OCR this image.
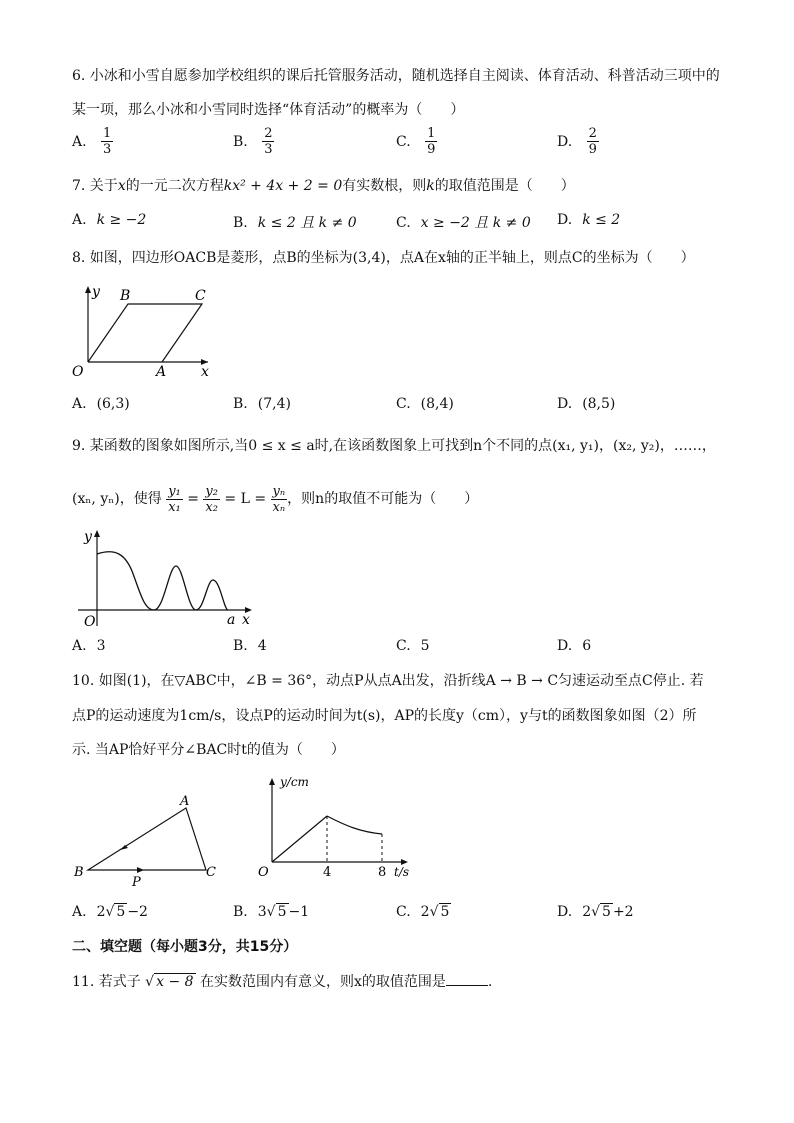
6. 小冰和小雪自愿参加学校组织的课后托管服务活动，随机选择自主阅读、体育活动、科普活动三项中的
某一项，那么小冰和小雪同时选择“体育活动”的概率为（　　）
A. $\frac{1}{3}$	B. $\frac{2}{3}$	C. $\frac{1}{9}$	D. $\frac{2}{9}$
7. 关于x的一元二次方程kx² + 4x + 2 = 0有实数根，则k的取值范围是（　　）
A. k ≥ −2	B. k ≤ 2 且 k ≠ 0	C. x ≥ −2 且 k ≠ 0 D. k ≤ 2
8. 如图，四边形OACB是菱形，点B的坐标为(3,4)，点A在x轴的正半轴上，则点C的坐标为（　　）
y
x
O	A
B	C
A. (6,3)	B. (7,4)	C. (8,4)	D. (8,5)
9. 某函数的图象如图所示,当0 ≤ x ≤ a时,在该函数图象上可找到n个不同的点(x₁, y₁)，(x₂, y₂)，……，
(xₙ, yₙ)，使得 $\frac{\text{y₁}}{\text{x₁}} = \frac{\text{y₂}}{\text{x₂}} = L = \frac{\text{yₙ}}{\text{xₙ}}$ ，则n的取值不可能为（　　）
y
O	a x
A. 3	B. 4	C. 5	D. 6
10. 如图(1)，在▽ABC中，∠B = 36°，动点P从点A出发，沿折线A → B → C匀速运动至点C停止. 若
点P的运动速度为1cm/s，设点P的运动时间为t(s)，AP的长度y（cm），y与t的函数图象如图（2）所
示. 当AP恰好平分∠BAC时t的值为（　　）
A
B	C
P
y/cm
O	4	8 t/s
A. 2√ 5 −2	B. 3√ 5 −1	C. 2√ 5	D. 2√ 5 +2
二、填空题（每小题3分，共15分）
11. 若式子 √ x − 8 在实数范围内有意义，则x的取值范围是	.
